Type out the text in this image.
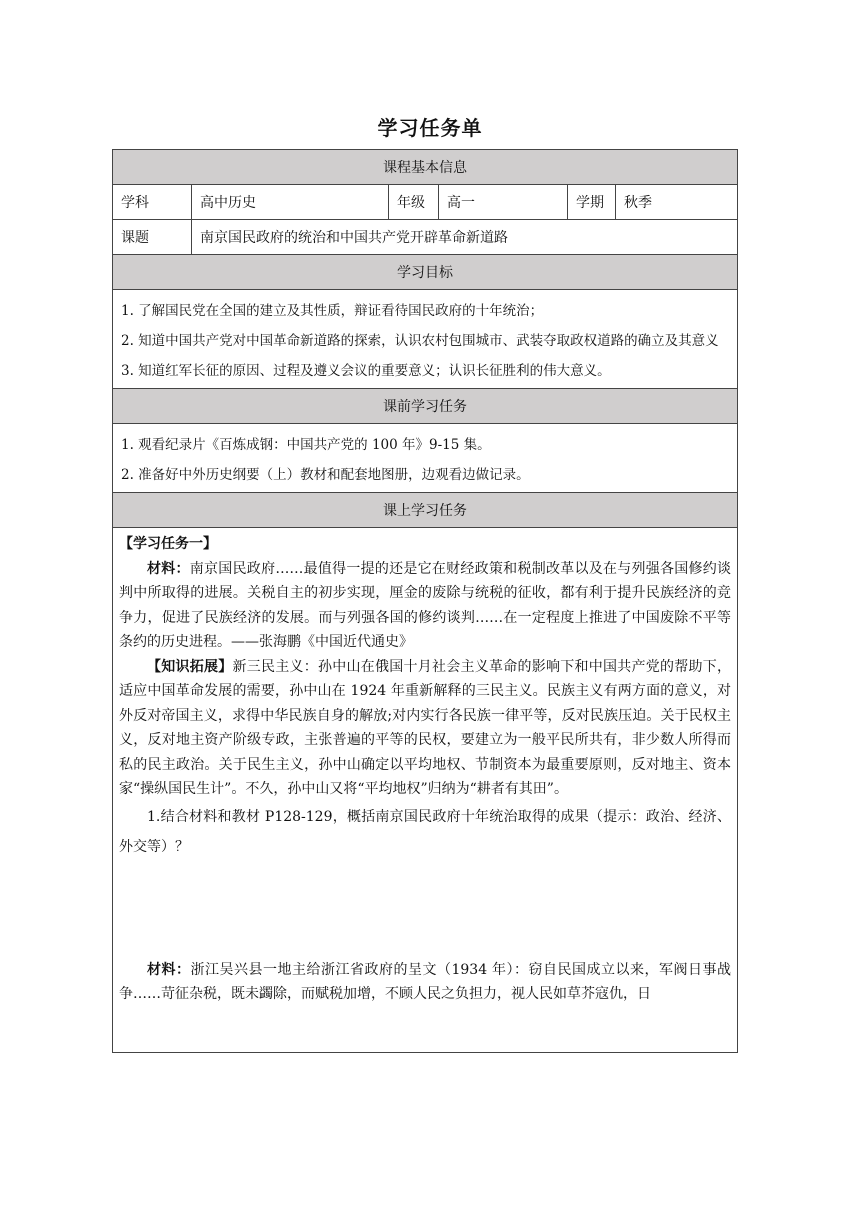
学习任务单
课程基本信息					
学科	高中历史	年级	高一	学期	秋季
课题	南京国民政府的统治和中国共产党开辟革命新道路				
学习目标					

1. 了解国民党在全国的建立及其性质，辩证看待国民政府的十年统治；

2. 知道中国共产党对中国革命新道路的探索，认识农村包围城市、武装夺取政权道路的确立及其意义

3. 知道红军长征的原因、过程及遵义会议的重要意义；认识长征胜利的伟大意义。					

课前学习任务					

1. 观看纪录片《百炼成钢：中国共产党的 100 年》9-15 集。

2. 准备好中外历史纲要（上）教材和配套地图册，边观看边做记录。					

课上学习任务					

【学习任务一】

材料：南京国民政府……最值得一提的还是它在财经政策和税制改革以及在与列强各国修约谈判中所取得的进展。关税自主的初步实现，厘金的废除与统税的征收，都有利于提升民族经济的竞争力，促进了民族经济的发展。而与列强各国的修约谈判……在一定程度上推进了中国废除不平等条约的历史进程。——张海鹏《中国近代通史》

【知识拓展】新三民主义：孙中山在俄国十月社会主义革命的影响下和中国共产党的帮助下，适应中国革命发展的需要，孙中山在 1924 年重新解释的三民主义。民族主义有两方面的意义，对外反对帝国主义，求得中华民族自身的解放;对内实行各民族一律平等，反对民族压迫。关于民权主义，反对地主资产阶级专政，主张普遍的平等的民权，要建立为一般平民所共有，非少数人所得而私的民主政治。关于民生主义，孙中山确定以平均地权、节制资本为最重要原则，反对地主、资本家“操纵国民生计”。不久，孙中山又将“平均地权”归纳为“耕者有其田”。

1.结合材料和教材 P128-129，概括南京国民政府十年统治取得的成果（提示：政治、经济、外交等）？

材料：浙江吴兴县一地主给浙江省政府的呈文（1934 年）：窃自民国成立以来，军阀日事战争……苛征杂税，既未蠲除，而赋税加增，不顾人民之负担力，视人民如草芥寇仇，日					
